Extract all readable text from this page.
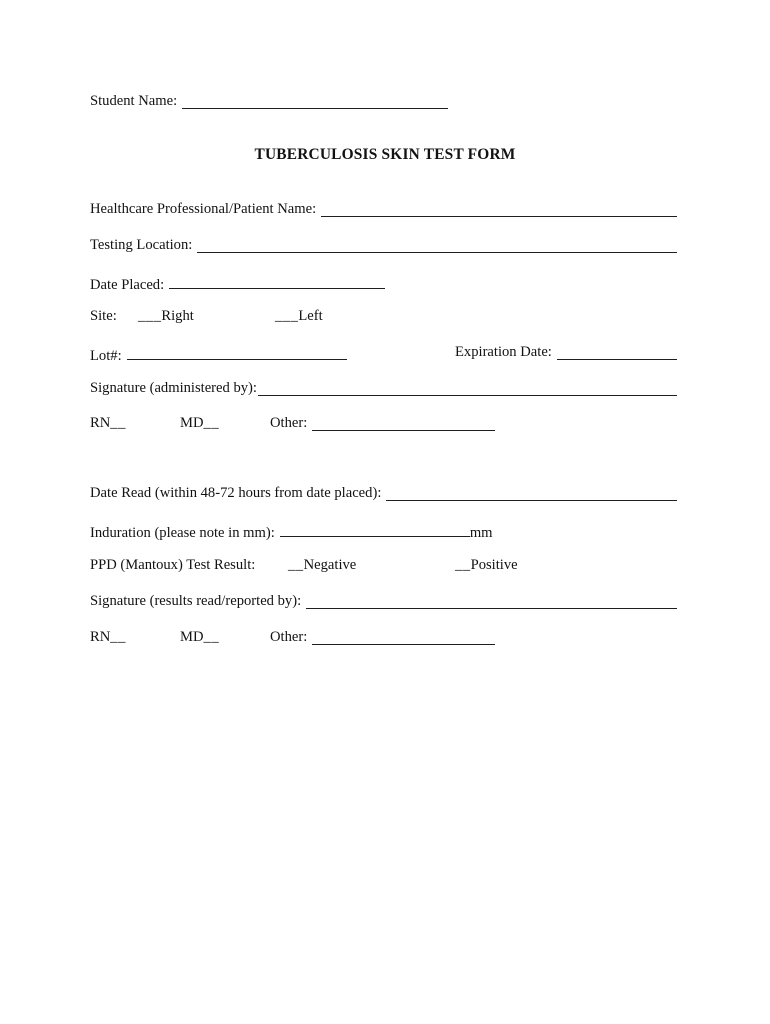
Student Name:
TUBERCULOSIS SKIN TEST FORM
Healthcare Professional/Patient Name:
Testing Location:
Date Placed:
Site: ___Right	___Left
Lot#:	Expiration Date:
Signature (administered by):
RN__	MD__	Other:
Date Read (within 48-72 hours from date placed):
Induration (please note in mm):	mm
PPD (Mantoux) Test Result: __Negative	__Positive
Signature (results read/reported by):
RN__	MD__	Other:
